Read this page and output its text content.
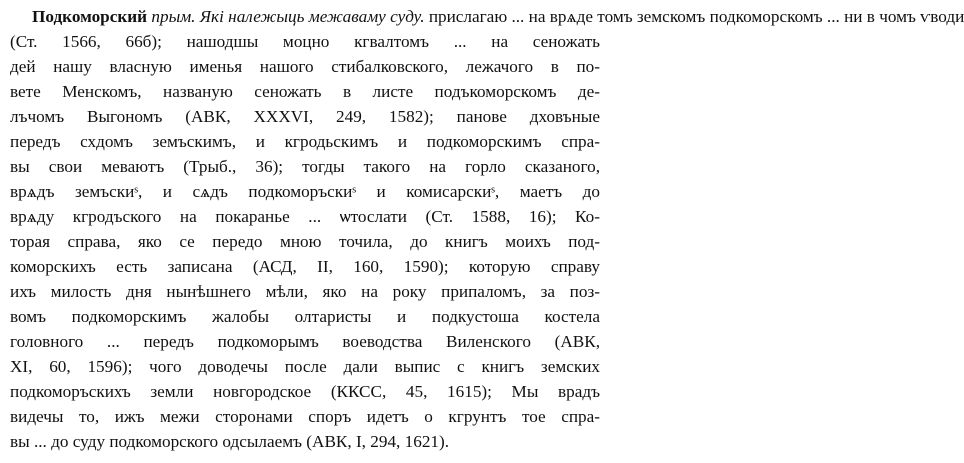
Подкоморский прым. Які належыць межаваму суду. прислагаю ... на врѧде томъ земскомъ подкоморскомъ ... ни в чомъ ѵводи
(Ст. 1566, 66б); нашодшы моцно кгвалтомъ ... на сеножать
дей нашу власную именья нашого стибалковского, лежачого в по-
вете Менскомъ, названую сеножать в листе подъкоморскомъ де-
лъчомъ Выгономъ (АВК, XXXVI, 249, 1582); панове дховъные
передъ схдомъ земъскимъ, и кгродьскимъ и подкоморскимъ спра-
вы свои меваютъ (Трыб., 36); тогды такого на горло сказаного,
врѧдъ земъскиˢ, и сѧдъ подкоморъскиˢ и комисарскиˢ, маетъ до
врѧду кгродъского на покаранье ... ѡтослати (Ст. 1588, 16); Ко-
торая справа, яко се передо мною точила, до книгъ моихъ под-
коморскихъ есть записана (АСД, II, 160, 1590); которую справу
ихъ милость дня нынѣшнего мѣли, яко на року припаломъ, за поз-
вомъ подкоморскимъ жалобы олтаристы и подкустоша костела
головного ... передъ подкоморымъ воеводства Виленского (АВК,
XI, 60, 1596); чого доводечы после дали выпис с книгъ земских
подкоморъскихъ земли новгородское (ККСС, 45, 1615); Мы врадъ
видечы то, ижъ межи сторонами споръ идетъ о кгрунтъ тое спра-
вы ... до суду подкоморского одсылаемъ (АВК, I, 294, 1621).
